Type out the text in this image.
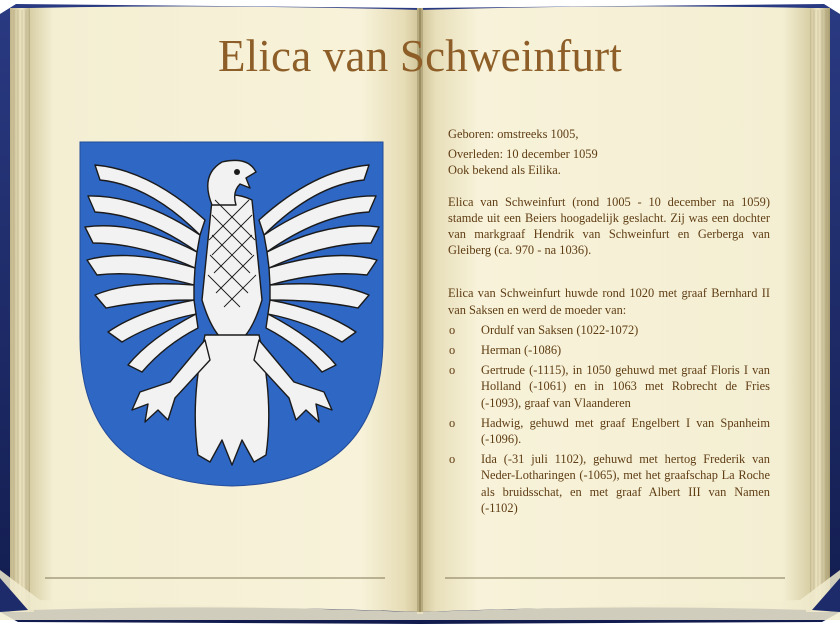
Elica van Schweinfurt

Geboren: omstreeks 1005,
Overleden: 10 december 1059
Ook bekend als Eilika.

Elica van Schweinfurt (rond 1005 - 10 december na 1059) stamde uit een Beiers hoogadelijk geslacht. Zij was een dochter van markgraaf Hendrik van Schweinfurt en Gerberga van Gleiberg (ca. 970 - na 1036).

Elica van Schweinfurt huwde rond 1020 met graaf Bernhard II van Saksen en werd de moeder van:

o Ordulf van Saksen (1022-1072)
o Herman (-1086)
o Gertrude (-1115), in 1050 gehuwd met graaf Floris I van Holland (-1061) en in 1063 met Robrecht de Fries (-1093), graaf van Vlaanderen
o Hadwig, gehuwd met graaf Engelbert I van Spanheim (-1096).
o Ida (-31 juli 1102), gehuwd met hertog Frederik van Neder-Lotharingen (-1065), met het graafschap La Roche als bruidsschat, en met graaf Albert III van Namen (-1102)
